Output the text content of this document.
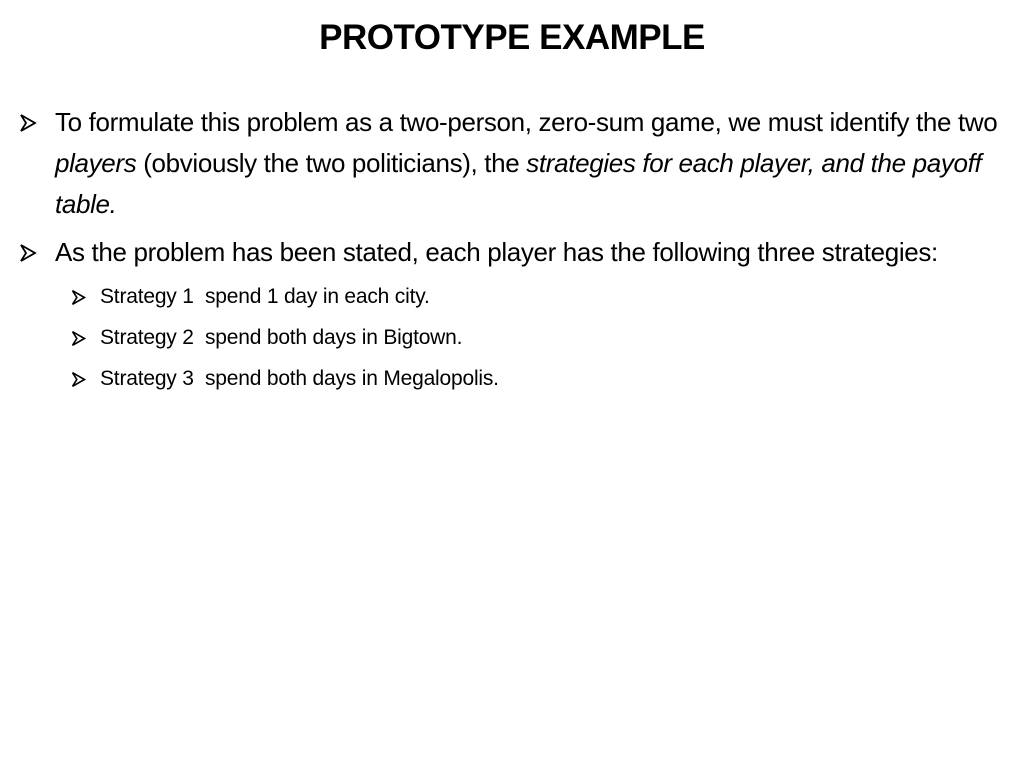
PROTOTYPE EXAMPLE
To formulate this problem as a two-person, zero-sum game, we must identify the two players (obviously the two politicians), the strategies for each player, and the payoff table.
As the problem has been stated, each player has the following three strategies:
Strategy 1  spend 1 day in each city.
Strategy 2  spend both days in Bigtown.
Strategy 3  spend both days in Megalopolis.
